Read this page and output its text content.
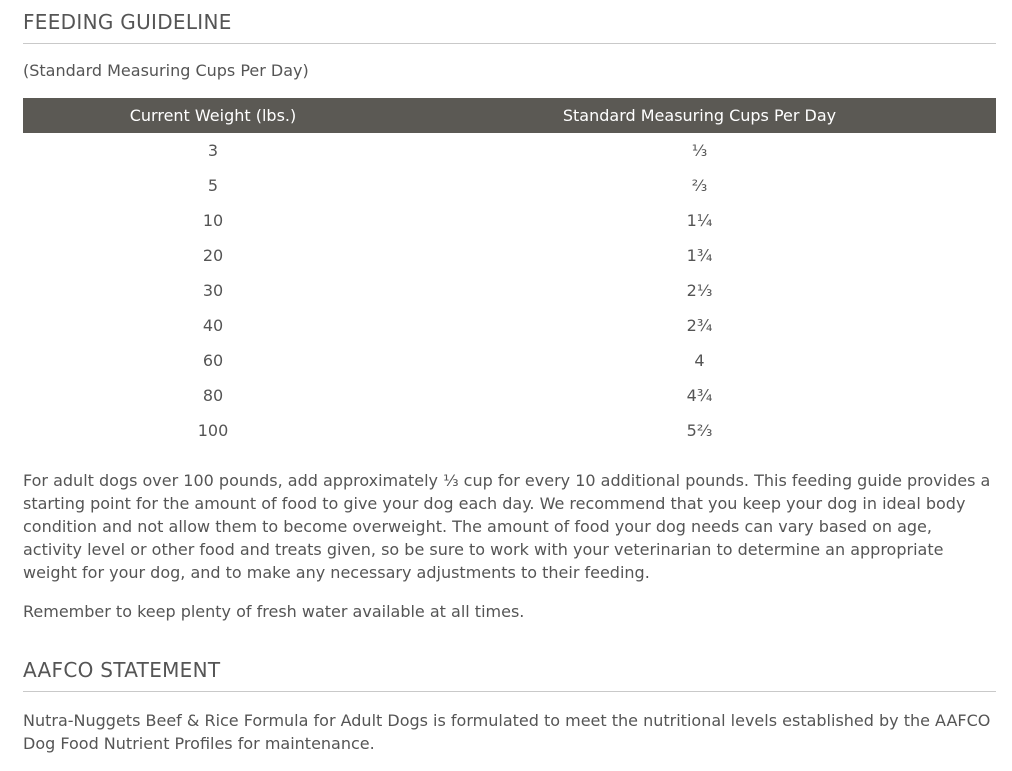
FEEDING GUIDELINE

(Standard Measuring Cups Per Day)

Current Weight (lbs.)	Standard Measuring Cups Per Day
3	⅓
5	⅔
10	1¼
20	1¾
30	2⅓
40	2¾
60	4
80	4¾
100	5⅔

For adult dogs over 100 pounds, add approximately ⅓ cup for every 10 additional pounds. This feeding guide provides a starting point for the amount of food to give your dog each day. We recommend that you keep your dog in ideal body condition and not allow them to become overweight. The amount of food your dog needs can vary based on age, activity level or other food and treats given, so be sure to work with your veterinarian to determine an appropriate weight for your dog, and to make any necessary adjustments to their feeding.

Remember to keep plenty of fresh water available at all times.

AAFCO STATEMENT

Nutra-Nuggets Beef & Rice Formula for Adult Dogs is formulated to meet the nutritional levels established by the AAFCO Dog Food Nutrient Profiles for maintenance.
